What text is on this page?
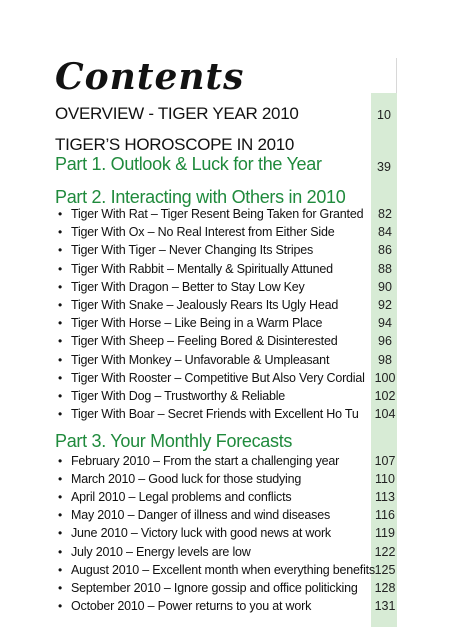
Contents
OVERVIEW - TIGER YEAR 2010	10
TIGER’S HOROSCOPE IN 2010
Part 1. Outlook & Luck for the Year	39
Part 2. Interacting with Others in 2010
• Tiger With Rat – Tiger Resent Being Taken for Granted	82
• Tiger With Ox – No Real Interest from Either Side	84
• Tiger With Tiger – Never Changing Its Stripes	86
• Tiger With Rabbit – Mentally & Spiritually Attuned	88
• Tiger With Dragon – Better to Stay Low Key	90
• Tiger With Snake – Jealously Rears Its Ugly Head	92
• Tiger With Horse – Like Being in a Warm Place	94
• Tiger With Sheep – Feeling Bored & Disinterested	96
• Tiger With Monkey – Unfavorable & Umpleasant	98
• Tiger With Rooster – Competitive But Also Very Cordial 100
• Tiger With Dog – Trustworthy & Reliable	102
• Tiger With Boar – Secret Friends with Excellent Ho Tu 104
Part 3. Your Monthly Forecasts
• February 2010 – From the start a challenging year	107
• March 2010 – Good luck for those studying	110
• April 2010 – Legal problems and conflicts	113
• May 2010 – Danger of illness and wind diseases	116
• June 2010 – Victory luck with good news at work	119
• July 2010 – Energy levels are low	122
• August 2010 – Excellent month when everything benefits 125
• September 2010 – Ignore gossip and office politicking 128
• October 2010 – Power returns to you at work	131
